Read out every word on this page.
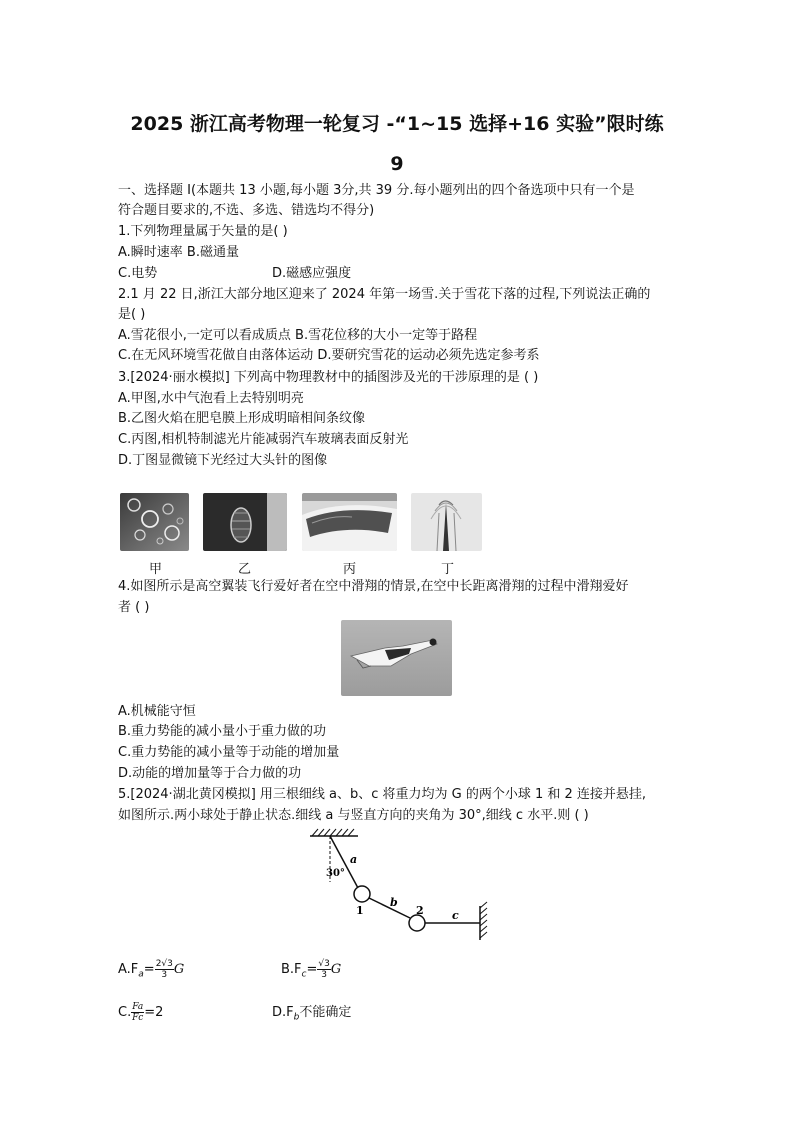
2025 浙江高考物理一轮复习 -“1~15 选择+16 实验”限时练
9
一、选择题 Ⅰ(本题共 13 小题,每小题 3分,共 39 分.每小题列出的四个备选项中只有一个是
符合题目要求的,不选、多选、错选均不得分)
1.下列物理量属于矢量的是( )
A.瞬时速率 B.磁通量
C.电势	D.磁感应强度
2.1 月 22 日,浙江大部分地区迎来了 2024 年第一场雪.关于雪花下落的过程,下列说法正确的
是( )
A.雪花很小,一定可以看成质点 B.雪花位移的大小一定等于路程
C.在无风环境雪花做自由落体运动 D.要研究雪花的运动必须先选定参考系
3.[2024·丽水模拟] 下列高中物理教材中的插图涉及光的干涉原理的是 ( )
A.甲图,水中气泡看上去特别明亮
B.乙图火焰在肥皂膜上形成明暗相间条纹像
C.丙图,相机特制滤光片能减弱汽车玻璃表面反射光
D.丁图显微镜下光经过大头针的图像
甲	乙	丙	丁
4.如图所示是高空翼装飞行爱好者在空中滑翔的情景,在空中长距离滑翔的过程中滑翔爱好
者 ( )
A.机械能守恒
B.重力势能的减小量小于重力做的功
C.重力势能的减小量等于动能的增加量
D.动能的增加量等于合力做的功
5.[2024·湖北黄冈模拟] 用三根细线 a、b、c 将重力均为 G 的两个小球 1 和 2 连接并悬挂,
如图所示.两小球处于静止状态.细线 a 与竖直方向的夹角为 30°,细线 c 水平.则 ( )
a
30°
1
b
2	c
$A.F_a= \frac{2√3}{3}$ G	$B.F_c= \frac{√3}{3}$ G
C. $\frac{Fa}{Fc} =2$	$D.F_b$不能确定
